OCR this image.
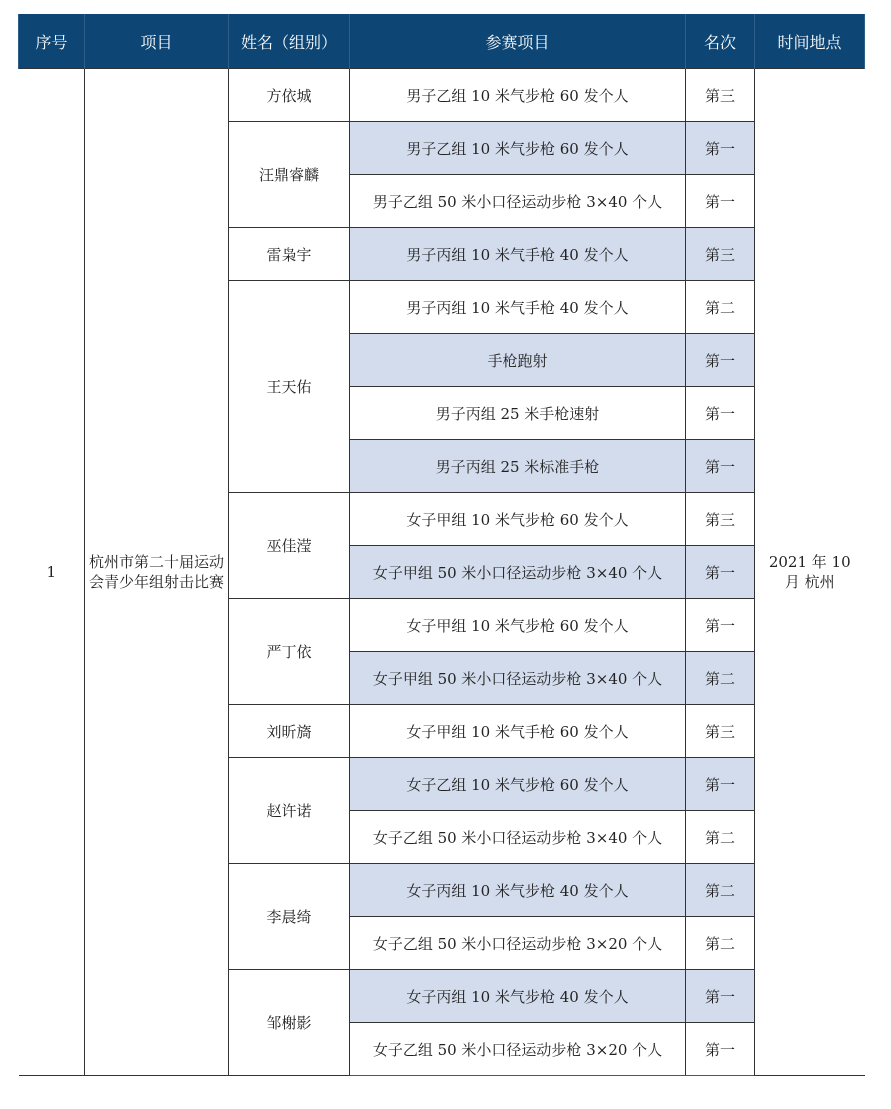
序号	项目	姓名（组别）	参赛项目	名次	时间地点
1	杭州市第二十届运动会青少年组射击比赛	方依城	男子乙组 10 米气步枪 60 发个人	第三	2021 年 10 月 杭州
		汪鼎睿麟	男子乙组 10 米气步枪 60 发个人	第一	
			男子乙组 50 米小口径运动步枪 3×40 个人	第一	
		雷枭宇	男子丙组 10 米气手枪 40 发个人	第三	
		王天佑	男子丙组 10 米气手枪 40 发个人	第二	
			手枪跑射	第一	
			男子丙组 25 米手枪速射	第一	
			男子丙组 25 米标准手枪	第一	
		巫佳滢	女子甲组 10 米气步枪 60 发个人	第三	
			女子甲组 50 米小口径运动步枪 3×40 个人	第一	
		严丁依	女子甲组 10 米气步枪 60 发个人	第一	
			女子甲组 50 米小口径运动步枪 3×40 个人	第二	
		刘昕旖	女子甲组 10 米气手枪 60 发个人	第三	
		赵许诺	女子乙组 10 米气步枪 60 发个人	第一	
			女子乙组 50 米小口径运动步枪 3×40 个人	第二	
		李晨绮	女子丙组 10 米气步枪 40 发个人	第二	
			女子乙组 50 米小口径运动步枪 3×20 个人	第二	
		邹榭影	女子丙组 10 米气步枪 40 发个人	第一	
			女子乙组 50 米小口径运动步枪 3×20 个人	第一	
